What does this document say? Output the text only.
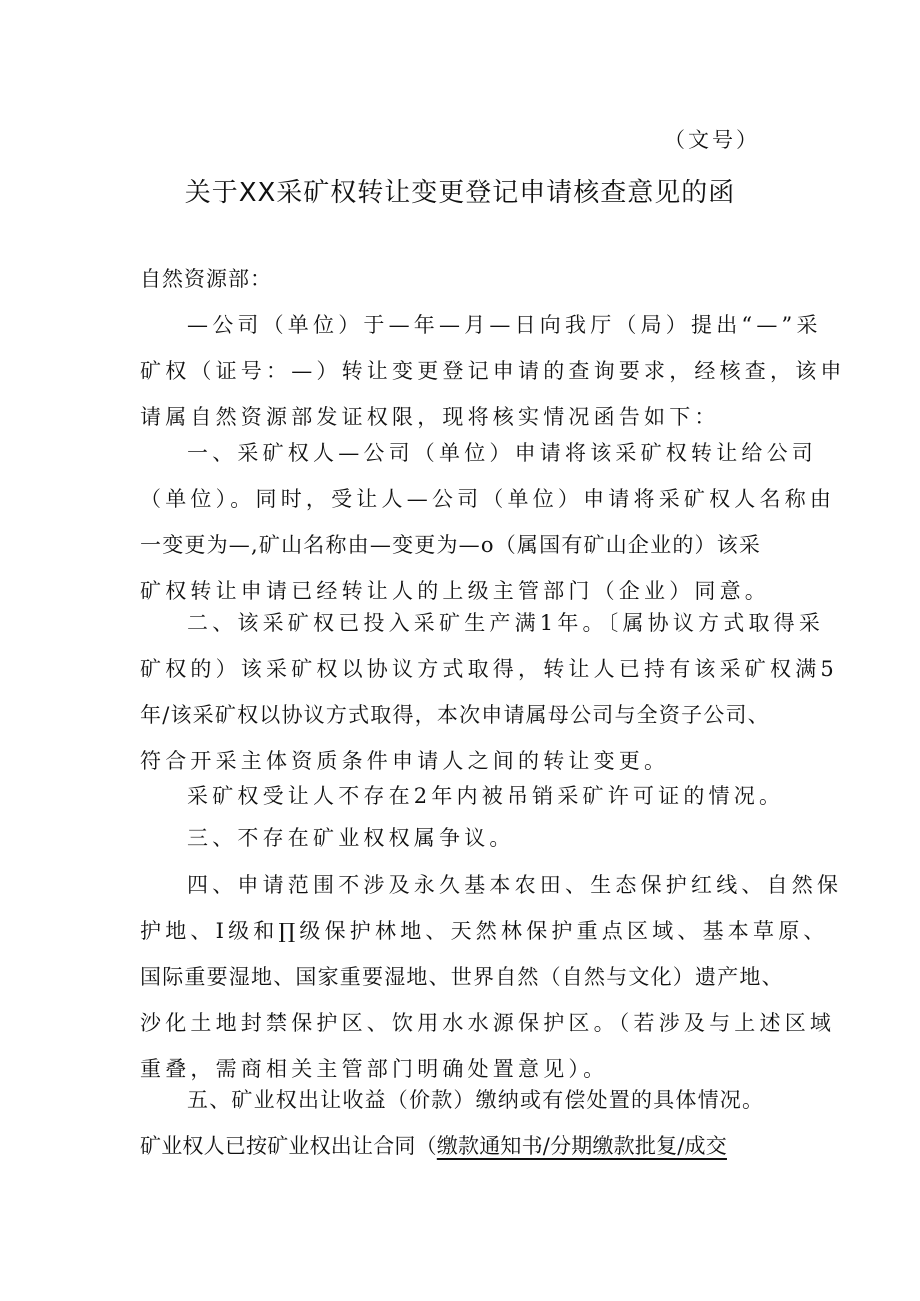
（文号）
关于XX采矿权转让变更登记申请核查意见的函
自然资源部：
—公司（单位）于—年—月—日向我厅（局）提出“—”采
矿权（证号：—）转让变更登记申请的查询要求，经核查，该申
请属自然资源部发证权限，现将核实情况函告如下：
一、采矿权人—公司（单位）申请将该采矿权转让给公司
（单位）。同时，受让人—公司（单位）申请将采矿权人名称由
一变更为—,矿山名称由—变更为—o（属国有矿山企业的）该采
矿权转让申请已经转让人的上级主管部门（企业）同意。
二、该采矿权已投入采矿生产满1年。〔属协议方式取得采
矿权的）该采矿权以协议方式取得，转让人已持有该采矿权满5
年/该采矿权以协议方式取得，本次申请属母公司与全资子公司、
符合开采主体资质条件申请人之间的转让变更。
采矿权受让人不存在2年内被吊销采矿许可证的情况。
三、不存在矿业权权属争议。
四、申请范围不涉及永久基本农田、生态保护红线、自然保
护地、I级和∏级保护林地、天然林保护重点区域、基本草原、
国际重要湿地、国家重要湿地、世界自然（自然与文化）遗产地、
沙化土地封禁保护区、饮用水水源保护区。（若涉及与上述区域
重叠，需商相关主管部门明确处置意见）。
五、矿业权出让收益（价款）缴纳或有偿处置的具体情况。
矿业权人已按矿业权出让合同（缴款通知书/分期缴款批复/成交
